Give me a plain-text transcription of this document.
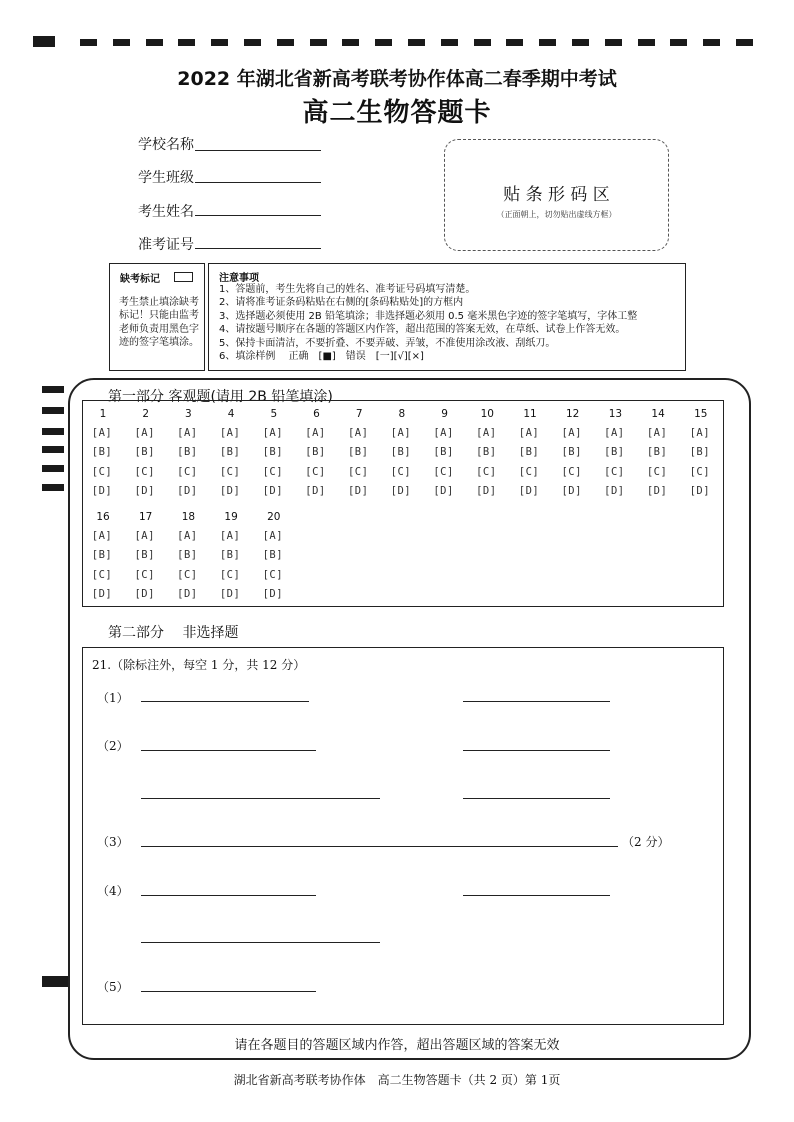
2022 年湖北省新高考联考协作体高二春季期中考试
高二生物答题卡
学校名称
学生班级
考生姓名
准考证号
贴 条 形 码 区
（正面朝上，切勿贴出虚线方框）
缺考标记
考生禁止填涂缺考标记！只能由监考老师负责用黑色字迹的签字笔填涂。
注意事项
1、答题前，考生先将自己的姓名、准考证号码填写清楚。
2、请将准考证条码粘贴在右侧的[条码粘贴处]的方框内
3、选择题必须使用 2B 铅笔填涂；非选择题必须用 0.5 毫米黑色字迹的签字笔填写，字体工整
4、请按题号顺序在各题的答题区内作答，超出范围的答案无效，在草纸、试卷上作答无效。
5、保持卡面清洁，不要折叠、不要弄破、弄皱，不准使用涂改液、刮纸刀。
6、填涂样例　 正确　[■]　错误　[一][√][×]
第一部分 客观题(请用 2B 铅笔填涂)
1
[A]
[B]
[C]
[D]
2
[A]
[B]
[C]
[D]
3
[A]
[B]
[C]
[D]
4
[A]
[B]
[C]
[D]
5
[A]
[B]
[C]
[D]
6
[A]
[B]
[C]
[D]
7
[A]
[B]
[C]
[D]
8
[A]
[B]
[C]
[D]
9
[A]
[B]
[C]
[D]
10
[A]
[B]
[C]
[D]
11
[A]
[B]
[C]
[D]
12
[A]
[B]
[C]
[D]
13
[A]
[B]
[C]
[D]
14
[A]
[B]
[C]
[D]
15
[A]
[B]
[C]
[D]
16
[A]
[B]
[C]
[D]
17
[A]
[B]
[C]
[D]
18
[A]
[B]
[C]
[D]
19
[A]
[B]
[C]
[D]
20
[A]
[B]
[C]
[D]
第二部分　 非选择题
21.（除标注外，每空 1 分，共 12 分）
（1）
（2）
（3）	（2 分）
（4）
（5）
请在各题目的答题区域内作答，超出答题区域的答案无效
湖北省新高考联考协作体　高二生物答题卡（共 2 页）第 1页
